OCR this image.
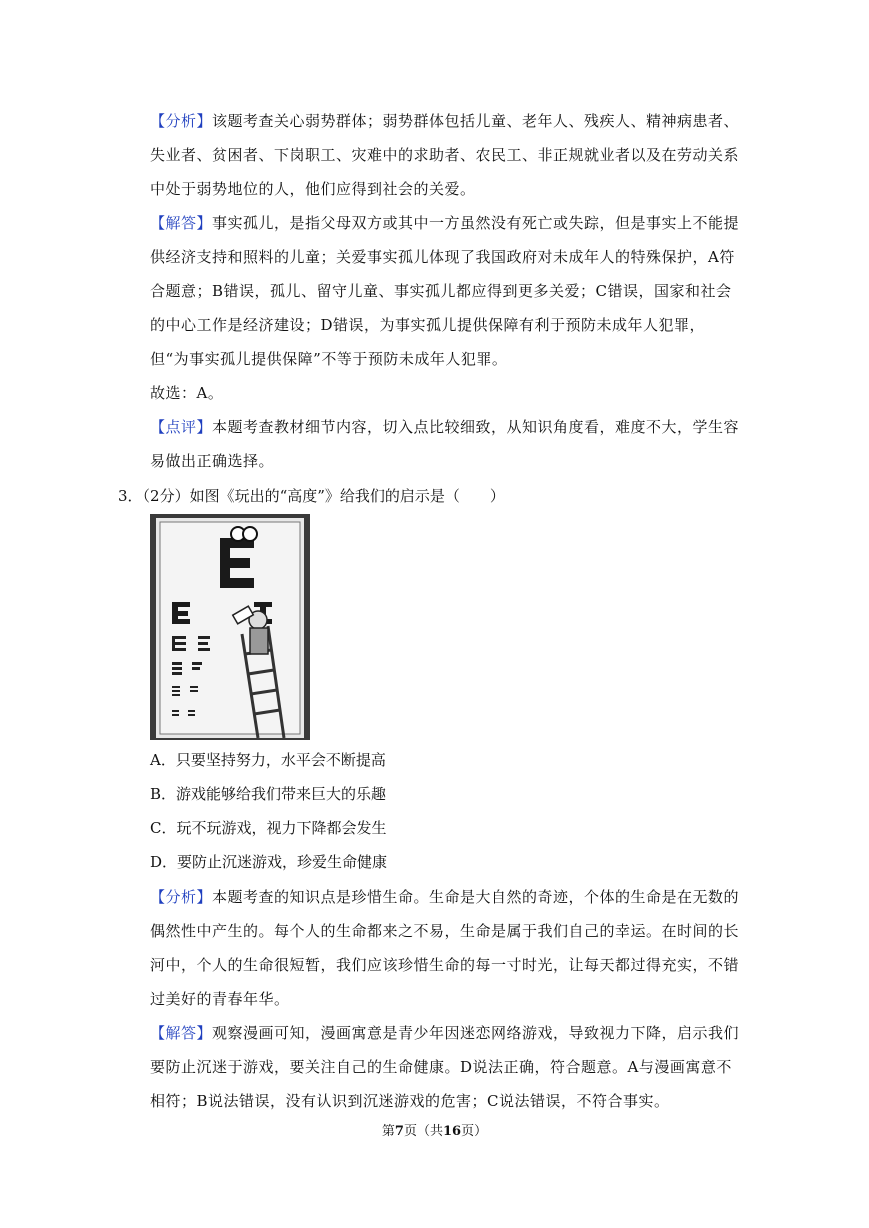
【分析】该题考查关心弱势群体；弱势群体包括儿童、老年人、残疾人、精神病患者、失业者、贫困者、下岗职工、灾难中的求助者、农民工、非正规就业者以及在劳动关系中处于弱势地位的人，他们应得到社会的关爱。
【解答】事实孤儿，是指父母双方或其中一方虽然没有死亡或失踪，但是事实上不能提供经济支持和照料的儿童；关爱事实孤儿体现了我国政府对未成年人的特殊保护，A符合题意；B错误，孤儿、留守儿童、事实孤儿都应得到更多关爱；C错误，国家和社会的中心工作是经济建设；D错误，为事实孤儿提供保障有利于预防未成年人犯罪，但“为事实孤儿提供保障”不等于预防未成年人犯罪。
故选：A。
【点评】本题考查教材细节内容，切入点比较细致，从知识角度看，难度不大，学生容易做出正确选择。
3．（2分）如图《玩出的“高度”》给我们的启示是（　　）
A．只要坚持努力，水平会不断提高
B．游戏能够给我们带来巨大的乐趣
C．玩不玩游戏，视力下降都会发生
D．要防止沉迷游戏，珍爱生命健康
【分析】本题考查的知识点是珍惜生命。生命是大自然的奇迹，个体的生命是在无数的偶然性中产生的。每个人的生命都来之不易，生命是属于我们自己的幸运。在时间的长河中，个人的生命很短暂，我们应该珍惜生命的每一寸时光，让每天都过得充实，不错过美好的青春年华。
【解答】观察漫画可知，漫画寓意是青少年因迷恋网络游戏，导致视力下降，启示我们要防止沉迷于游戏，要关注自己的生命健康。D说法正确，符合题意。A与漫画寓意不相符；B说法错误，没有认识到沉迷游戏的危害；C说法错误，不符合事实。
第7页（共16页）
